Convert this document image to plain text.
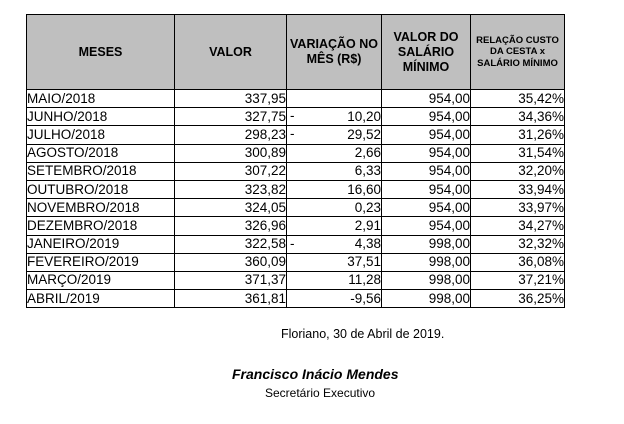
MESES	VALOR	VARIAÇÃO NO MÊS (R$)	VALOR DO SALÁRIO MÍNIMO	RELAÇÃO CUSTO DA CESTA x SALÁRIO MÍNIMO
MAIO/2018	337,95		954,00	35,42%
JUNHO/2018	327,75	- 10,20	954,00	34,36%
JULHO/2018	298,23	- 29,52	954,00	31,26%
AGOSTO/2018	300,89	2,66	954,00	31,54%
SETEMBRO/2018	307,22	6,33	954,00	32,20%
OUTUBRO/2018	323,82	16,60	954,00	33,94%
NOVEMBRO/2018	324,05	0,23	954,00	33,97%
DEZEMBRO/2018	326,96	2,91	954,00	34,27%
JANEIRO/2019	322,58	- 4,38	998,00	32,32%
FEVEREIRO/2019	360,09	37,51	998,00	36,08%
MARÇO/2019	371,37	11,28	998,00	37,21%
ABRIL/2019	361,81	-9,56	998,00	36,25%
Floriano, 30 de Abril de 2019.
Francisco Inácio Mendes
Secretário Executivo
